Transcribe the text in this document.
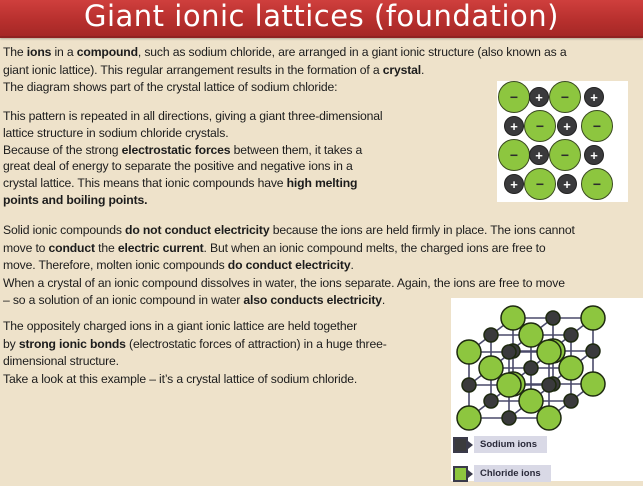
Giant ionic lattices (foundation)
The ions in a compound, such as sodium chloride, are arranged in a giant ionic structure (also known as a
giant ionic lattice). This regular arrangement results in the formation of a crystal.
The diagram shows part of the crystal lattice of sodium chloride:
This pattern is repeated in all directions, giving a giant three-dimensional
lattice structure in sodium chloride crystals.
Because of the strong electrostatic forces between them, it takes a
great deal of energy to separate the positive and negative ions in a
crystal lattice. This means that ionic compounds have high melting
points and boiling points.
Solid ionic compounds do not conduct electricity because the ions are held firmly in place. The ions cannot
move to conduct the electric current. But when an ionic compound melts, the charged ions are free to
move. Therefore, molten ionic compounds do conduct electricity.
When a crystal of an ionic compound dissolves in water, the ions separate. Again, the ions are free to move
– so a solution of an ionic compound in water also conducts electricity.
The oppositely charged ions in a giant ionic lattice are held together
by strong ionic bonds (electrostatic forces of attraction) in a huge three-
dimensional structure.
Take a look at this example – it’s a crystal lattice of sodium chloride.
−	+	−	+
+	−	+	−
−	+	−	+
+	−	+	−
Sodium ions
Chloride ions
